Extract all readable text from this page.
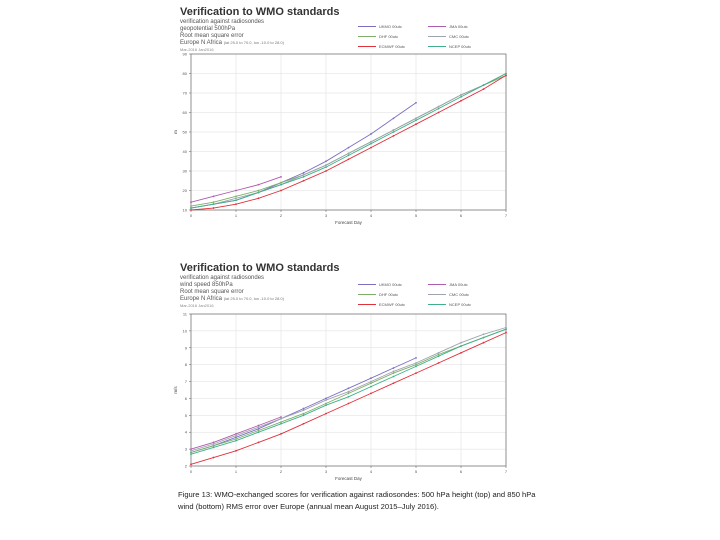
Verification to WMO standards
verification against radiosondes
geopotential 500hPa
Root mean square error
Europe N Africa (lat 25.0 to 70.0, lon -10.0 to 28.0)
Mar-2016 Jan2016
UKMO 00utc	JMA 00utc
DHF 00utc	CMC 00utc
ECMWF 00utc	NCEP 00utc
10
20
30
40
50
60
70
80
90
0	1	2	3	4	5	6	7
Forecast Day
m
Verification to WMO standards
verification against radiosondes
wind speed 850hPa
Root mean square error
Europe N Africa (lat 25.0 to 70.0, lon -10.0 to 28.0)
Mar-2016 Jan2016
UKMO 00utc	JMA 00utc
DHF 00utc	CMC 00utc
ECMWF 00utc	NCEP 00utc
2
3
4
5
6
7
8
9
10
11
0	1	2	3	4	5	6	7
Forecast Day
m/s
Figure 13: WMO-exchanged scores for verification against radiosondes: 500 hPa height (top) and 850 hPa wind (bottom) RMS error over Europe (annual mean August 2015–July 2016).
